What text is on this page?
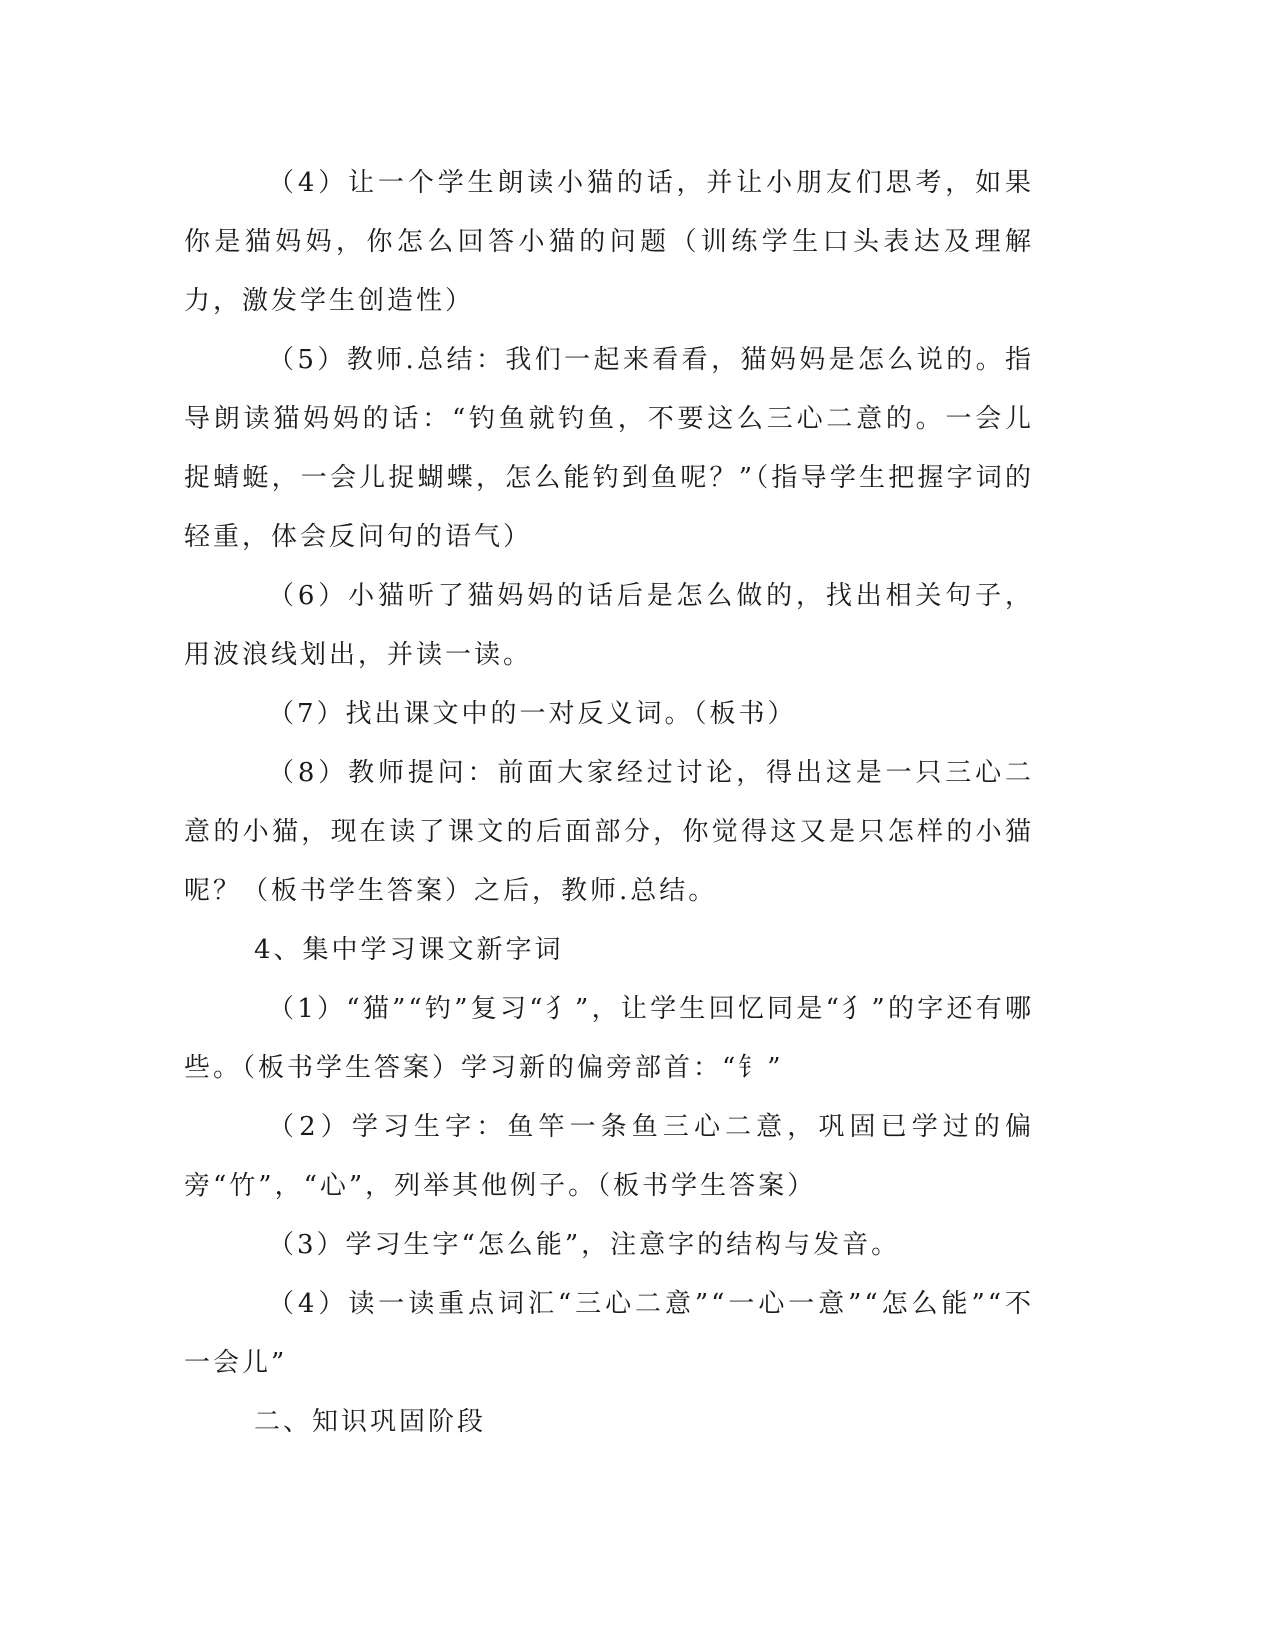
（4）让一个学生朗读小猫的话，并让小朋友们思考，如果你是猫妈妈，你怎么回答小猫的问题（训练学生口头表达及理解力，激发学生创造性）

（5）教师.总结：我们一起来看看，猫妈妈是怎么说的。指导朗读猫妈妈的话：“钓鱼就钓鱼，不要这么三心二意的。一会儿捉蜻蜓，一会儿捉蝴蝶，怎么能钓到鱼呢？”（指导学生把握字词的轻重，体会反问句的语气）

（6）小猫听了猫妈妈的话后是怎么做的，找出相关句子，用波浪线划出，并读一读。

（7）找出课文中的一对反义词。（板书）

（8）教师提问：前面大家经过讨论，得出这是一只三心二意的小猫，现在读了课文的后面部分，你觉得这又是只怎样的小猫呢？（板书学生答案）之后，教师.总结。

4、集中学习课文新字词

（1）“猫”“钓”复习“犭”，让学生回忆同是“犭”的字还有哪些。（板书学生答案）学习新的偏旁部首：“钅”

（2）学习生字：鱼竿一条鱼三心二意，巩固已学过的偏旁“竹”，“心”，列举其他例子。（板书学生答案）

（3）学习生字“怎么能”，注意字的结构与发音。

（4）读一读重点词汇“三心二意”“一心一意”“怎么能”“不一会儿”

二、知识巩固阶段
